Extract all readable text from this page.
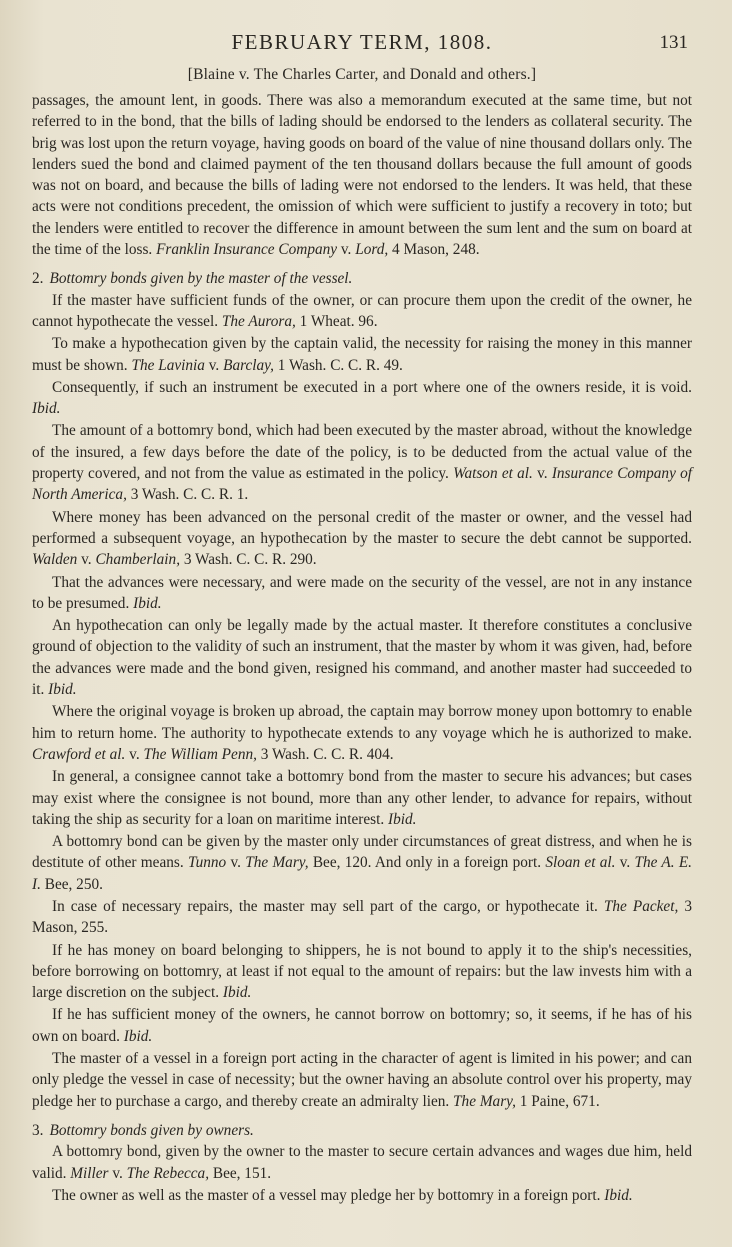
FEBRUARY TERM, 1808.	131
[Blaine v. The Charles Carter, and Donald and others.]

passages, the amount lent, in goods. There was also a memorandum executed at the same time, but not referred to in the bond, that the bills of lading should be endorsed to the lenders as collateral security. The brig was lost upon the return voyage, having goods on board of the value of nine thousand dollars only. The lenders sued the bond and claimed payment of the ten thousand dollars because the full amount of goods was not on board, and because the bills of lading were not endorsed to the lenders. It was held, that these acts were not conditions precedent, the omission of which were sufficient to justify a recovery in toto; but the lenders were entitled to recover the difference in amount between the sum lent and the sum on board at the time of the loss. Franklin Insurance Company v. Lord, 4 Mason, 248.

2. Bottomry bonds given by the master of the vessel.

If the master have sufficient funds of the owner, or can procure them upon the credit of the owner, he cannot hypothecate the vessel. The Aurora, 1 Wheat. 96.

To make a hypothecation given by the captain valid, the necessity for raising the money in this manner must be shown. The Lavinia v. Barclay, 1 Wash. C. C. R. 49.

Consequently, if such an instrument be executed in a port where one of the owners reside, it is void. Ibid.

The amount of a bottomry bond, which had been executed by the master abroad, without the knowledge of the insured, a few days before the date of the policy, is to be deducted from the actual value of the property covered, and not from the value as estimated in the policy. Watson et al. v. Insurance Company of North America, 3 Wash. C. C. R. 1.

Where money has been advanced on the personal credit of the master or owner, and the vessel had performed a subsequent voyage, an hypothecation by the master to secure the debt cannot be supported. Walden v. Chamberlain, 3 Wash. C. C. R. 290.

That the advances were necessary, and were made on the security of the vessel, are not in any instance to be presumed. Ibid.

An hypothecation can only be legally made by the actual master. It therefore constitutes a conclusive ground of objection to the validity of such an instrument, that the master by whom it was given, had, before the advances were made and the bond given, resigned his command, and another master had succeeded to it. Ibid.

Where the original voyage is broken up abroad, the captain may borrow money upon bottomry to enable him to return home. The authority to hypothecate extends to any voyage which he is authorized to make. Crawford et al. v. The William Penn, 3 Wash. C. C. R. 404.

In general, a consignee cannot take a bottomry bond from the master to secure his advances; but cases may exist where the consignee is not bound, more than any other lender, to advance for repairs, without taking the ship as security for a loan on maritime interest. Ibid.

A bottomry bond can be given by the master only under circumstances of great distress, and when he is destitute of other means. Tunno v. The Mary, Bee, 120. And only in a foreign port. Sloan et al. v. The A. E. I. Bee, 250.

In case of necessary repairs, the master may sell part of the cargo, or hypothecate it. The Packet, 3 Mason, 255.

If he has money on board belonging to shippers, he is not bound to apply it to the ship's necessities, before borrowing on bottomry, at least if not equal to the amount of repairs: but the law invests him with a large discretion on the subject. Ibid.

If he has sufficient money of the owners, he cannot borrow on bottomry; so, it seems, if he has of his own on board. Ibid.

The master of a vessel in a foreign port acting in the character of agent is limited in his power; and can only pledge the vessel in case of necessity; but the owner having an absolute control over his property, may pledge her to purchase a cargo, and thereby create an admiralty lien. The Mary, 1 Paine, 671.

3. Bottomry bonds given by owners.

A bottomry bond, given by the owner to the master to secure certain advances and wages due him, held valid. Miller v. The Rebecca, Bee, 151.

The owner as well as the master of a vessel may pledge her by bottomry in a foreign port. Ibid.
